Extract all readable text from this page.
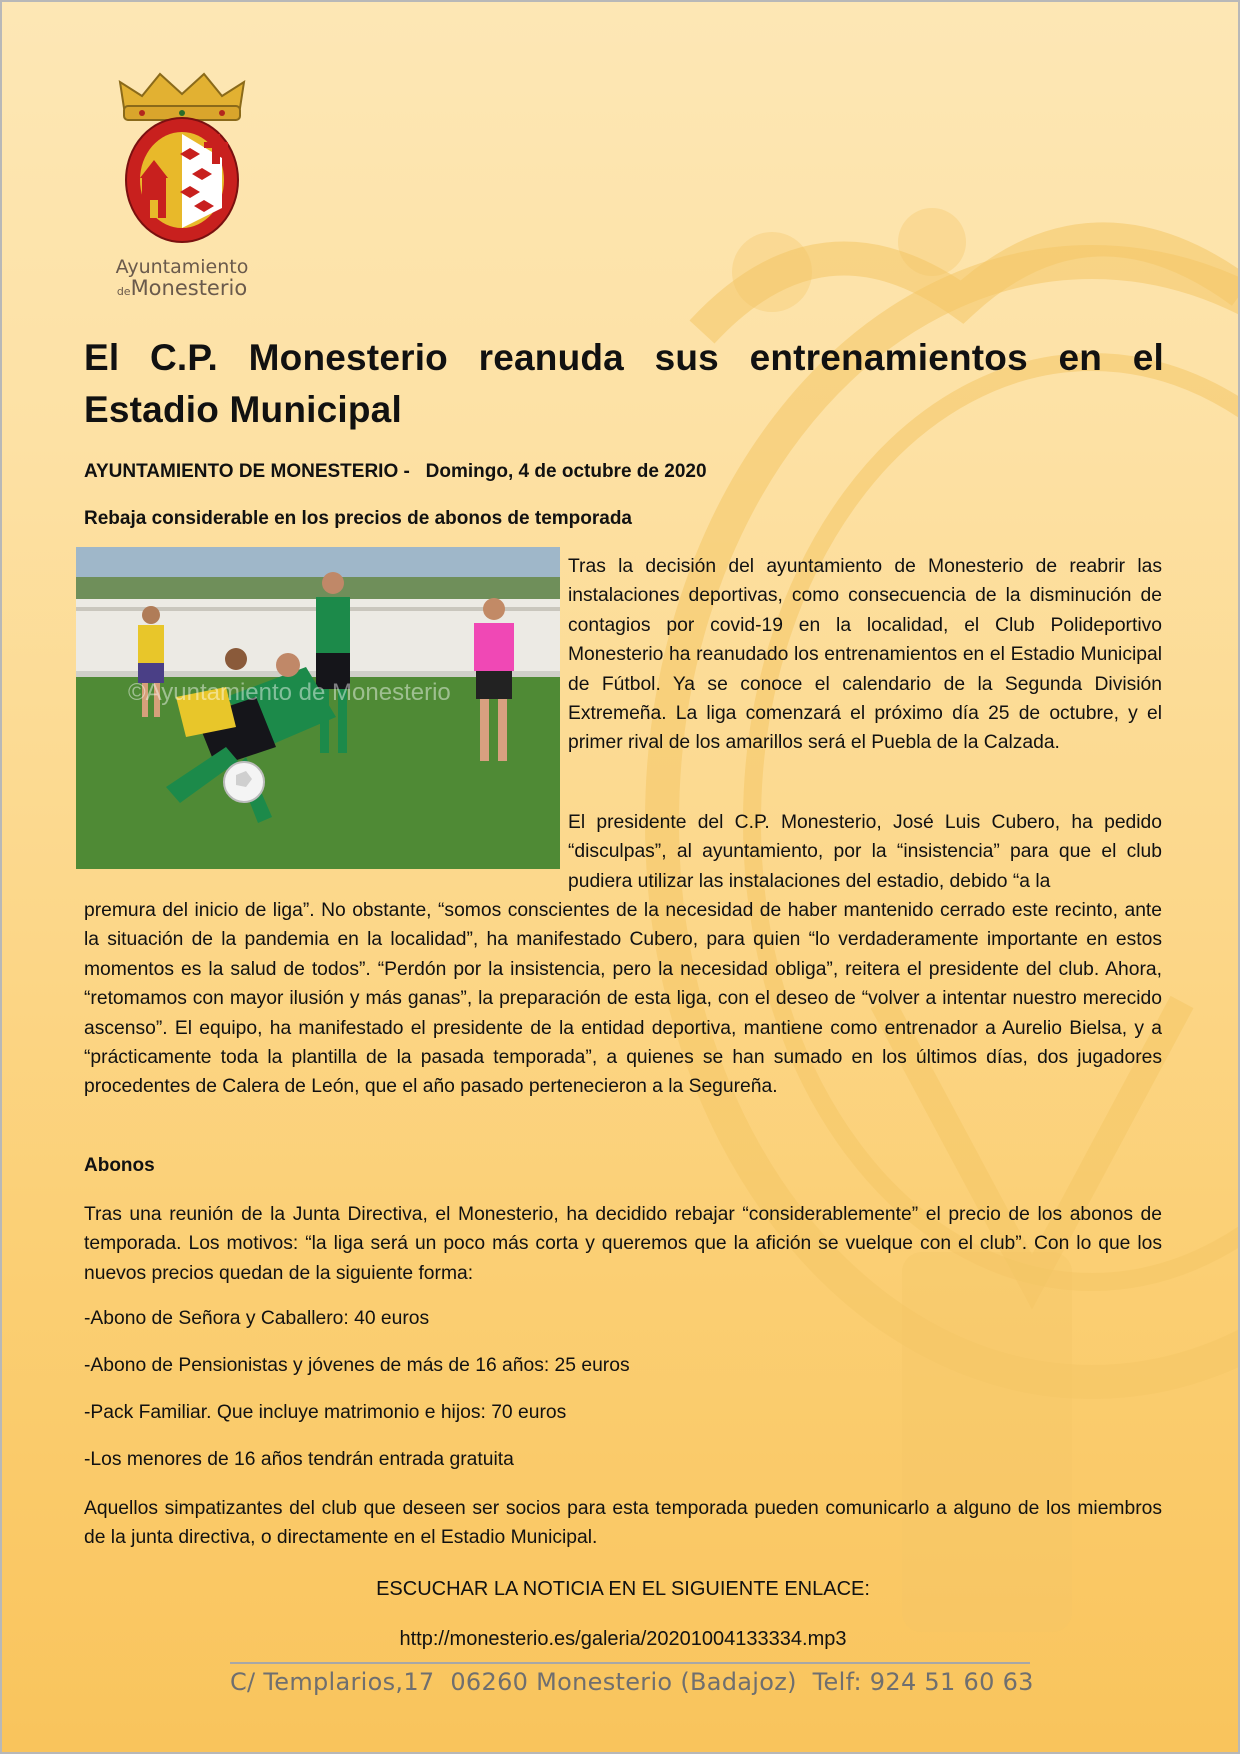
Ayuntamiento
deMonesterio
El C.P. Monesterio reanuda sus entrenamientos en el Estadio Municipal

AYUNTAMIENTO DE MONESTERIO -   Domingo, 4 de octubre de 2020

Rebaja considerable en los precios de abonos de temporada

©Ayuntamiento de Monesterio

Tras la decisión del ayuntamiento de Monesterio de reabrir las instalaciones deportivas, como consecuencia de la disminución de contagios por covid-19 en la localidad, el Club Polideportivo Monesterio ha reanudado los entrenamientos en el Estadio Municipal de Fútbol. Ya se conoce el calendario de la Segunda División Extremeña. La liga comenzará el próximo día 25 de octubre, y el primer rival de los amarillos será el Puebla de la Calzada.

El presidente del C.P. Monesterio, José Luis Cubero, ha pedido “disculpas”, al ayuntamiento, por la “insistencia” para que el club pudiera utilizar las instalaciones del estadio, debido “a la

premura del inicio de liga”. No obstante, “somos conscientes de la necesidad de haber mantenido cerrado este recinto, ante la situación de la pandemia en la localidad”, ha manifestado Cubero, para quien “lo verdaderamente importante en estos momentos es la salud de todos”. “Perdón por la insistencia, pero la necesidad obliga”, reitera el presidente del club. Ahora, “retomamos con mayor ilusión y más ganas”, la preparación de esta liga, con el deseo de “volver a intentar nuestro merecido ascenso”. El equipo, ha manifestado el presidente de la entidad deportiva, mantiene como entrenador a Aurelio Bielsa, y a “prácticamente toda la plantilla de la pasada temporada”, a quienes se han sumado en los últimos días, dos jugadores procedentes de Calera de León, que el año pasado pertenecieron a la Segureña.

Abonos

Tras una reunión de la Junta Directiva, el Monesterio, ha decidido rebajar “considerablemente” el precio de los abonos de temporada. Los motivos: “la liga será un poco más corta y queremos que la afición se vuelque con el club”. Con lo que los nuevos precios quedan de la siguiente forma:

-Abono de Señora y Caballero: 40 euros

-Abono de Pensionistas y jóvenes de más de 16 años: 25 euros

-Pack Familiar. Que incluye matrimonio e hijos: 70 euros

-Los menores de 16 años tendrán entrada gratuita

Aquellos simpatizantes del club que deseen ser socios para esta temporada pueden comunicarlo a alguno de los miembros de la junta directiva, o directamente en el Estadio Municipal.

ESCUCHAR LA NOTICIA EN EL SIGUIENTE ENLACE:

http://monesterio.es/galeria/20201004133334.mp3

C/ Templarios,17  06260 Monesterio (Badajoz)  Telf: 924 51 60 63
